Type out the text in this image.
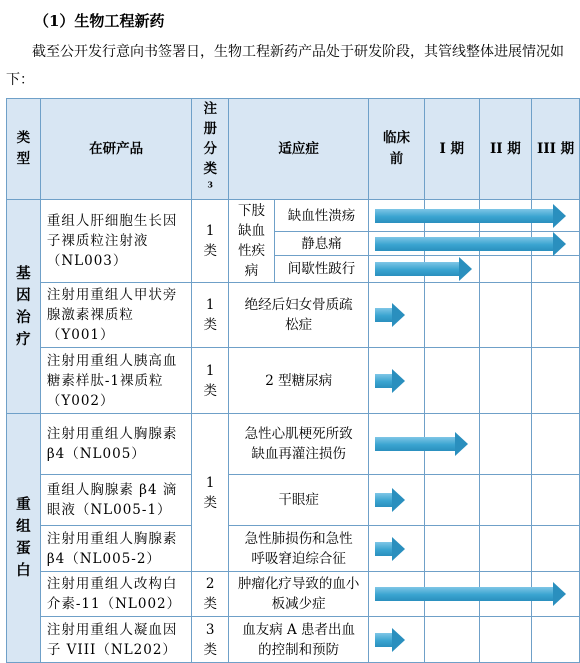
（1）生物工程新药
截至公开发行意向书签署日，生物工程新药产品处于研发阶段，其管线整体进展情况如下：
类型	在研产品	注册分类$^3$	适应症		临床前	I 期	II 期	III 期

基因治疗	重组人肝细胞生长因子裸质粒注射液（NL003）	1类	下肢缺血性疾病	缺血性溃疡	

				静息痛	

				间歇性跛行	

	注射用重组人甲状旁腺激素裸质粒（Y001）	1类	绝经后妇女骨质疏松症		

	注射用重组人胰高血糖素样肽-1裸质粒（Y002）	1类	2 型糖尿病		

重组蛋白	注射用重组人胸腺素 β4（NL005）	1类	急性心肌梗死所致缺血再灌注损伤		

	重组人胸腺素 β4 滴眼液（NL005-1）		干眼症		

	注射用重组人胸腺素 β4（NL005-2）		急性肺损伤和急性呼吸窘迫综合征		

	注射用重组人改构白介素-11（NL002）	2类	肿瘤化疗导致的血小板减少症		

	注射用重组人凝血因子 VIII（NL202）	3类	血友病 A 患者出血的控制和预防		
